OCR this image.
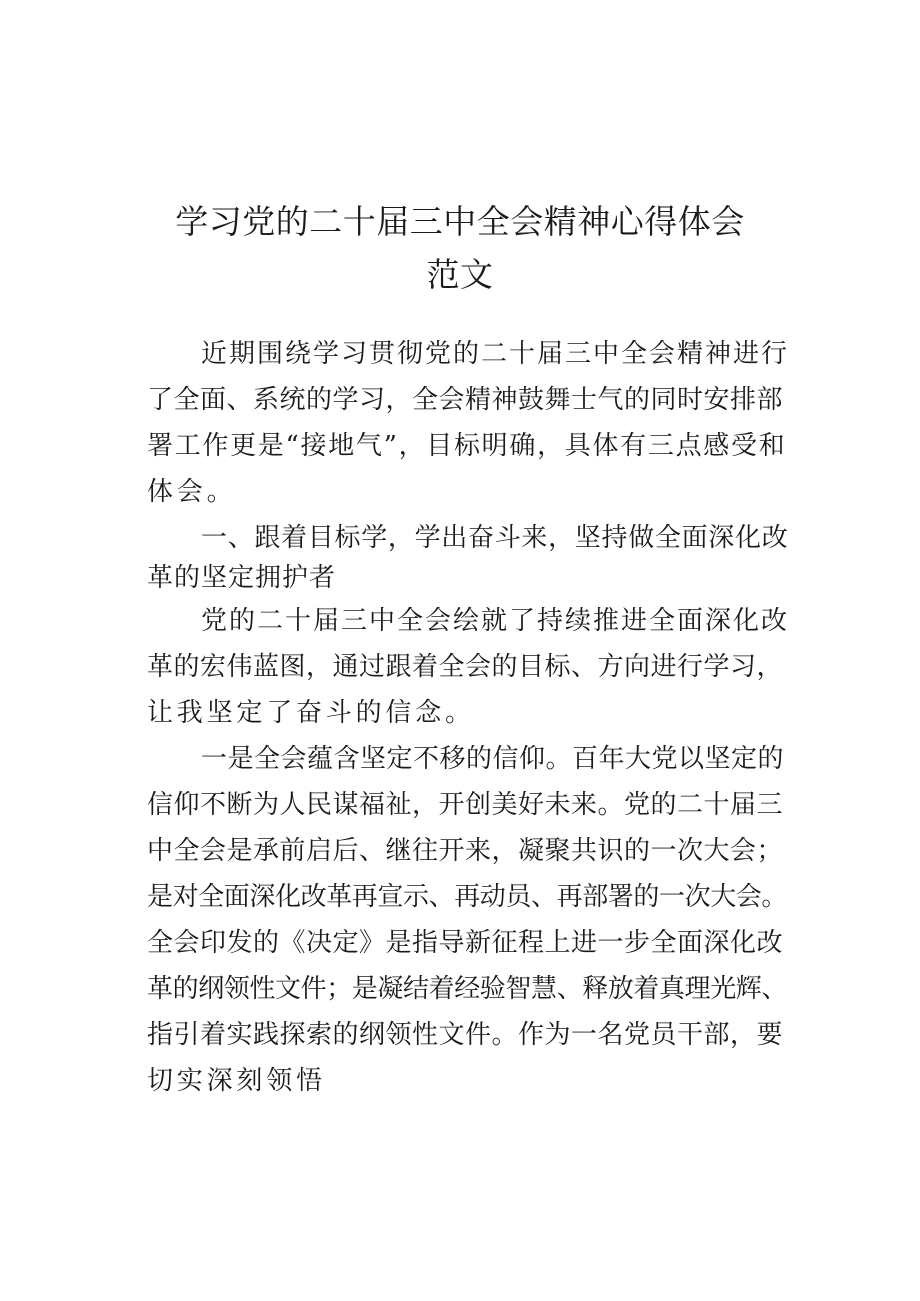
学习党的二十届三中全会精神心得体会
范文

近期围绕学习贯彻党的二十届三中全会精神进行

了全面、系统的学习，全会精神鼓舞士气的同时安排部

署工作更是“接地气”，目标明确，具体有三点感受和

体会。

一、跟着目标学，学出奋斗来，坚持做全面深化改

革的坚定拥护者

党的二十届三中全会绘就了持续推进全面深化改

革的宏伟蓝图，通过跟着全会的目标、方向进行学习，

让我坚定了奋斗的信念。

一是全会蕴含坚定不移的信仰。百年大党以坚定的

信仰不断为人民谋福祉，开创美好未来。党的二十届三

中全会是承前启后、继往开来，凝聚共识的一次大会；

是对全面深化改革再宣示、再动员、再部署的一次大会。

全会印发的《决定》是指导新征程上进一步全面深化改

革的纲领性文件；是凝结着经验智慧、释放着真理光辉、

指引着实践探索的纲领性文件。作为一名党员干部，要

切实深刻领悟
